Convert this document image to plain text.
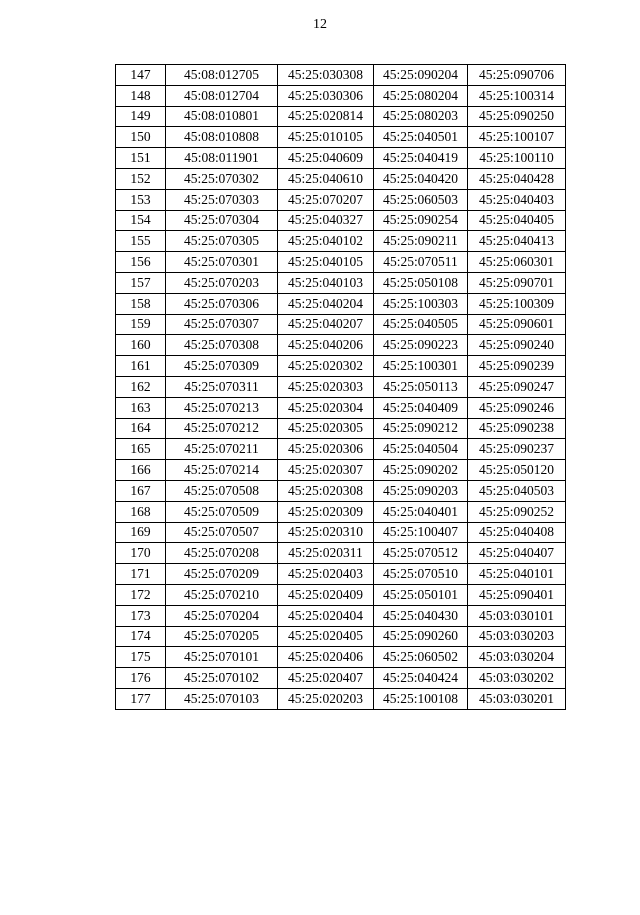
12
147	45:08:012705	45:25:030308	45:25:090204	45:25:090706
148	45:08:012704	45:25:030306	45:25:080204	45:25:100314
149	45:08:010801	45:25:020814	45:25:080203	45:25:090250
150	45:08:010808	45:25:010105	45:25:040501	45:25:100107
151	45:08:011901	45:25:040609	45:25:040419	45:25:100110
152	45:25:070302	45:25:040610	45:25:040420	45:25:040428
153	45:25:070303	45:25:070207	45:25:060503	45:25:040403
154	45:25:070304	45:25:040327	45:25:090254	45:25:040405
155	45:25:070305	45:25:040102	45:25:090211	45:25:040413
156	45:25:070301	45:25:040105	45:25:070511	45:25:060301
157	45:25:070203	45:25:040103	45:25:050108	45:25:090701
158	45:25:070306	45:25:040204	45:25:100303	45:25:100309
159	45:25:070307	45:25:040207	45:25:040505	45:25:090601
160	45:25:070308	45:25:040206	45:25:090223	45:25:090240
161	45:25:070309	45:25:020302	45:25:100301	45:25:090239
162	45:25:070311	45:25:020303	45:25:050113	45:25:090247
163	45:25:070213	45:25:020304	45:25:040409	45:25:090246
164	45:25:070212	45:25:020305	45:25:090212	45:25:090238
165	45:25:070211	45:25:020306	45:25:040504	45:25:090237
166	45:25:070214	45:25:020307	45:25:090202	45:25:050120
167	45:25:070508	45:25:020308	45:25:090203	45:25:040503
168	45:25:070509	45:25:020309	45:25:040401	45:25:090252
169	45:25:070507	45:25:020310	45:25:100407	45:25:040408
170	45:25:070208	45:25:020311	45:25:070512	45:25:040407
171	45:25:070209	45:25:020403	45:25:070510	45:25:040101
172	45:25:070210	45:25:020409	45:25:050101	45:25:090401
173	45:25:070204	45:25:020404	45:25:040430	45:03:030101
174	45:25:070205	45:25:020405	45:25:090260	45:03:030203
175	45:25:070101	45:25:020406	45:25:060502	45:03:030204
176	45:25:070102	45:25:020407	45:25:040424	45:03:030202
177	45:25:070103	45:25:020203	45:25:100108	45:03:030201
